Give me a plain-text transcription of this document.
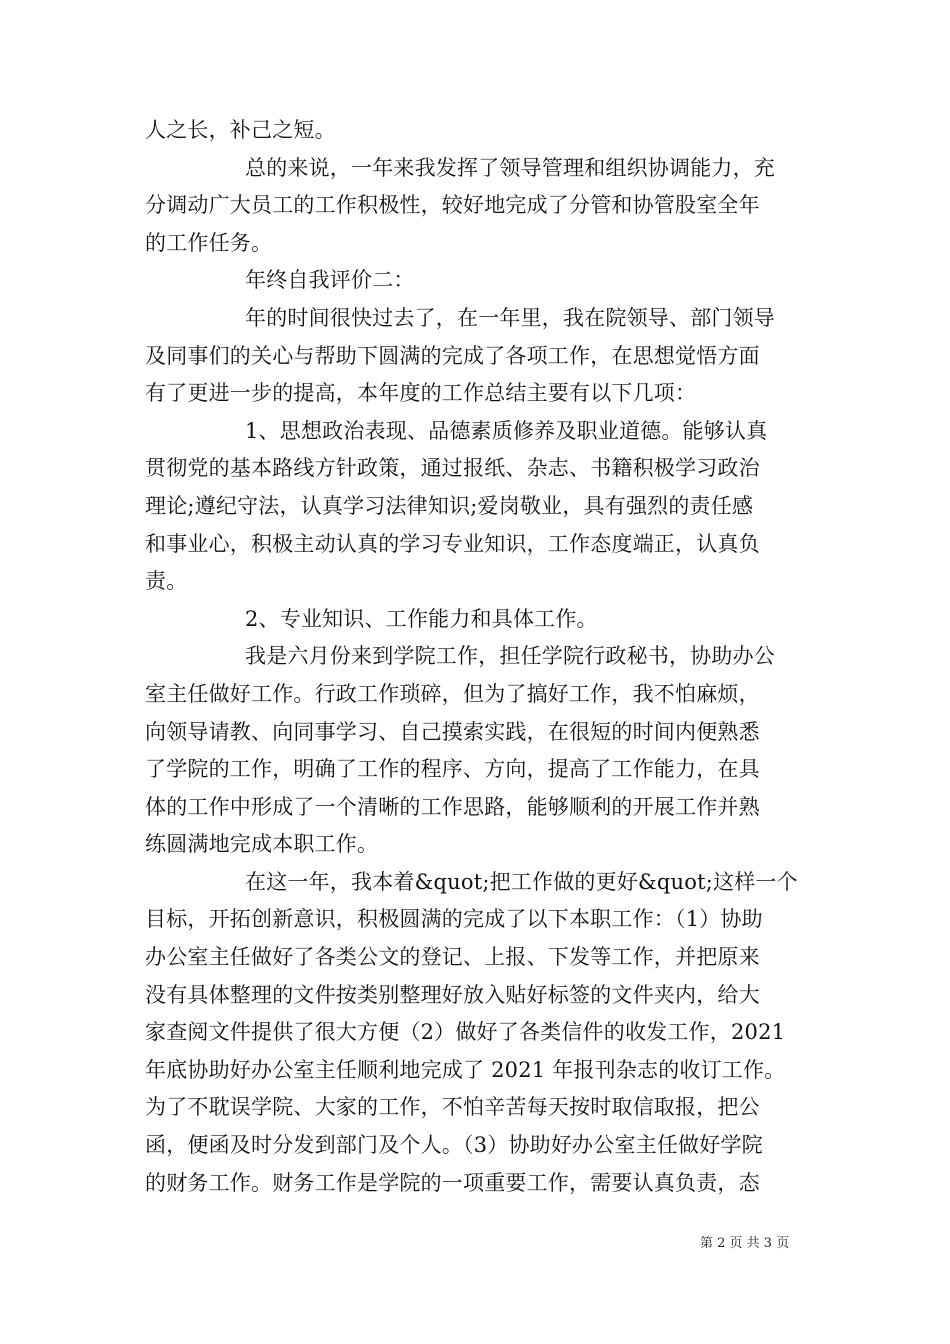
人之长，补己之短。
总的来说，一年来我发挥了领导管理和组织协调能力，充
分调动广大员工的工作积极性，较好地完成了分管和协管股室全年
的工作任务。
年终自我评价二：
年的时间很快过去了，在一年里，我在院领导、部门领导
及同事们的关心与帮助下圆满的完成了各项工作，在思想觉悟方面
有了更进一步的提高，本年度的工作总结主要有以下几项：
1、思想政治表现、品德素质修养及职业道德。能够认真
贯彻党的基本路线方针政策，通过报纸、杂志、书籍积极学习政治
理论;遵纪守法，认真学习法律知识;爱岗敬业，具有强烈的责任感
和事业心，积极主动认真的学习专业知识，工作态度端正，认真负
责。
2、专业知识、工作能力和具体工作。
我是六月份来到学院工作，担任学院行政秘书，协助办公
室主任做好工作。行政工作琐碎，但为了搞好工作，我不怕麻烦，
向领导请教、向同事学习、自己摸索实践，在很短的时间内便熟悉
了学院的工作，明确了工作的程序、方向，提高了工作能力，在具
体的工作中形成了一个清晰的工作思路，能够顺利的开展工作并熟
练圆满地完成本职工作。
在这一年，我本着&quot;把工作做的更好&quot;这样一个
目标，开拓创新意识，积极圆满的完成了以下本职工作：（1）协助
办公室主任做好了各类公文的登记、上报、下发等工作，并把原来
没有具体整理的文件按类别整理好放入贴好标签的文件夹内，给大
家查阅文件提供了很大方便（2）做好了各类信件的收发工作，2021
年底协助好办公室主任顺利地完成了 2021 年报刊杂志的收订工作。
为了不耽误学院、大家的工作，不怕辛苦每天按时取信取报，把公
函，便函及时分发到部门及个人。（3）协助好办公室主任做好学院
的财务工作。财务工作是学院的一项重要工作，需要认真负责，态
第 2 页 共 3 页
